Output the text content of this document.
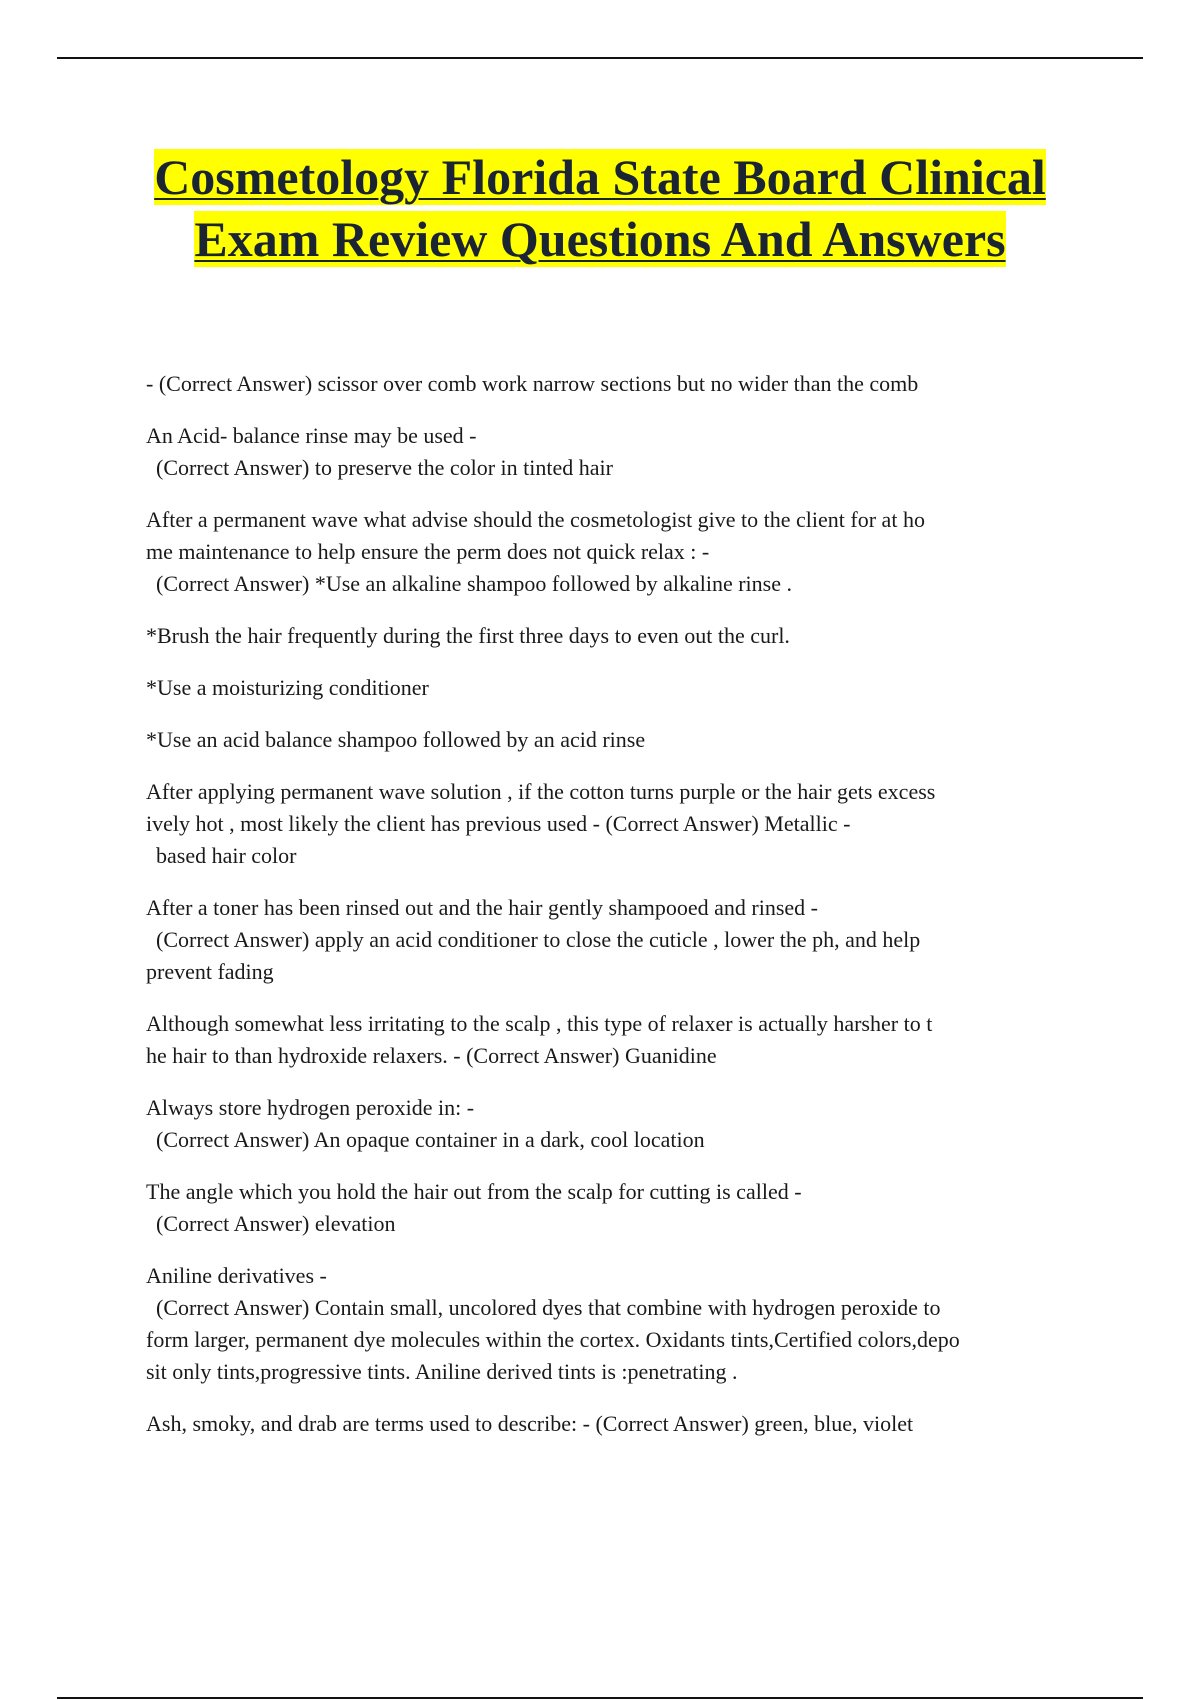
Cosmetology Florida State Board Clinical
Exam Review Questions And Answers
- (Correct Answer) scissor over comb work narrow sections but no wider than the comb
An Acid- balance rinse may be used -
(Correct Answer) to preserve the color in tinted hair
After a permanent wave what advise should the cosmetologist give to the client for at ho
me maintenance to help ensure the perm does not quick relax : -
(Correct Answer) *Use an alkaline shampoo followed by alkaline rinse .
*Brush the hair frequently during the first three days to even out the curl.
*Use a moisturizing conditioner
*Use an acid balance shampoo followed by an acid rinse
After applying permanent wave solution , if the cotton turns purple or the hair gets excess
ively hot , most likely the client has previous used - (Correct Answer) Metallic -
based hair color
After a toner has been rinsed out and the hair gently shampooed and rinsed -
(Correct Answer) apply an acid conditioner to close the cuticle , lower the ph, and help
prevent fading
Although somewhat less irritating to the scalp , this type of relaxer is actually harsher to t
he hair to than hydroxide relaxers. - (Correct Answer) Guanidine
Always store hydrogen peroxide in: -
(Correct Answer) An opaque container in a dark, cool location
The angle which you hold the hair out from the scalp for cutting is called -
(Correct Answer) elevation
Aniline derivatives -
(Correct Answer) Contain small, uncolored dyes that combine with hydrogen peroxide to
form larger, permanent dye molecules within the cortex. Oxidants tints,Certified colors,depo
sit only tints,progressive tints. Aniline derived tints is :penetrating .
Ash, smoky, and drab are terms used to describe: - (Correct Answer) green, blue, violet
